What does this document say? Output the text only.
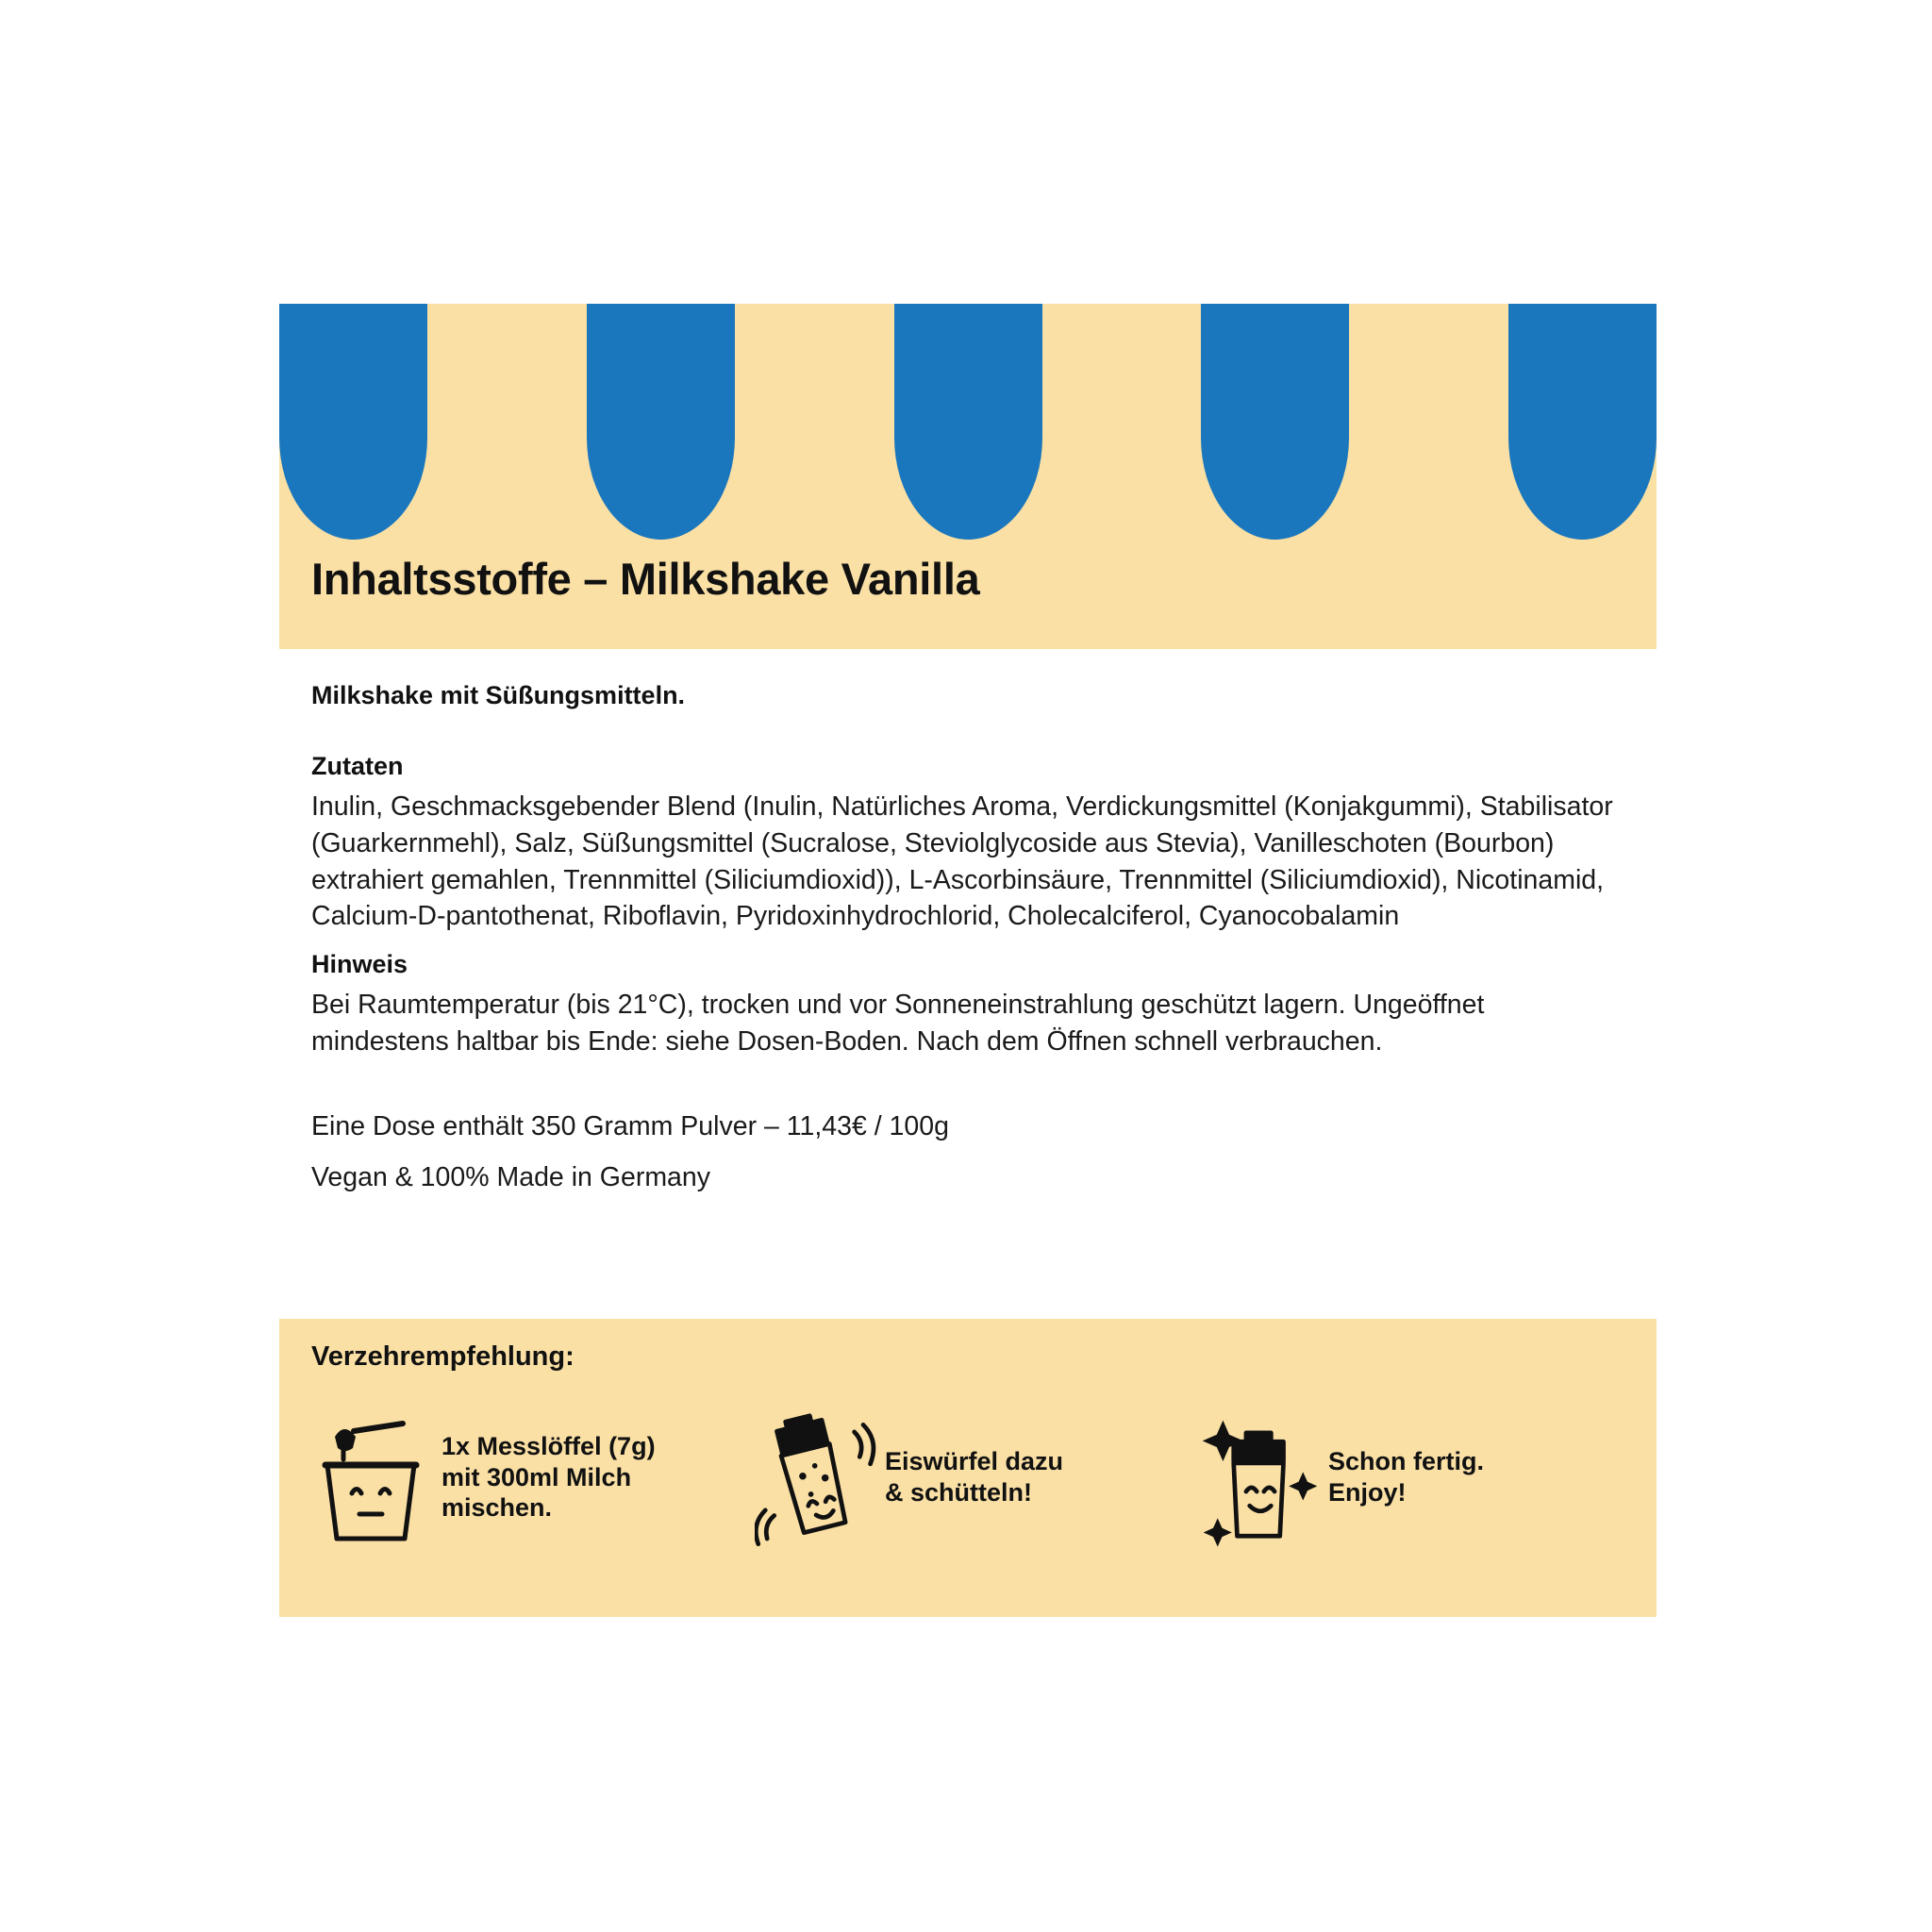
Inhaltsstoffe – Milkshake Vanilla

Milkshake mit Süßungsmitteln.

Zutaten

Inulin, Geschmacksgebender Blend (Inulin, Natürliches Aroma, Verdickungsmittel (Konjakgummi), Stabilisator (Guarkernmehl), Salz, Süßungsmittel (Sucralose, Steviolglycoside aus Stevia), Vanilleschoten (Bourbon) extrahiert gemahlen, Trennmittel (Siliciumdioxid)), L-Ascorbinsäure, Trennmittel (Siliciumdioxid), Nicotinamid, Calcium-D-pantothenat, Riboflavin, Pyridoxinhydrochlorid, Cholecalciferol, Cyanocobalamin

Hinweis

Bei Raumtemperatur (bis 21°C), trocken und vor Sonneneinstrahlung geschützt lagern. Ungeöffnet mindestens haltbar bis Ende: siehe Dosen-Boden. Nach dem Öffnen schnell verbrauchen.

Eine Dose enthält 350 Gramm Pulver – 11,43€ / 100g

Vegan & 100% Made in Germany

Verzehrempfehlung:
1x Messlöffel (7g)
mit 300ml Milch
mischen.
Eiswürfel dazu
& schütteln!
Schon fertig.
Enjoy!
